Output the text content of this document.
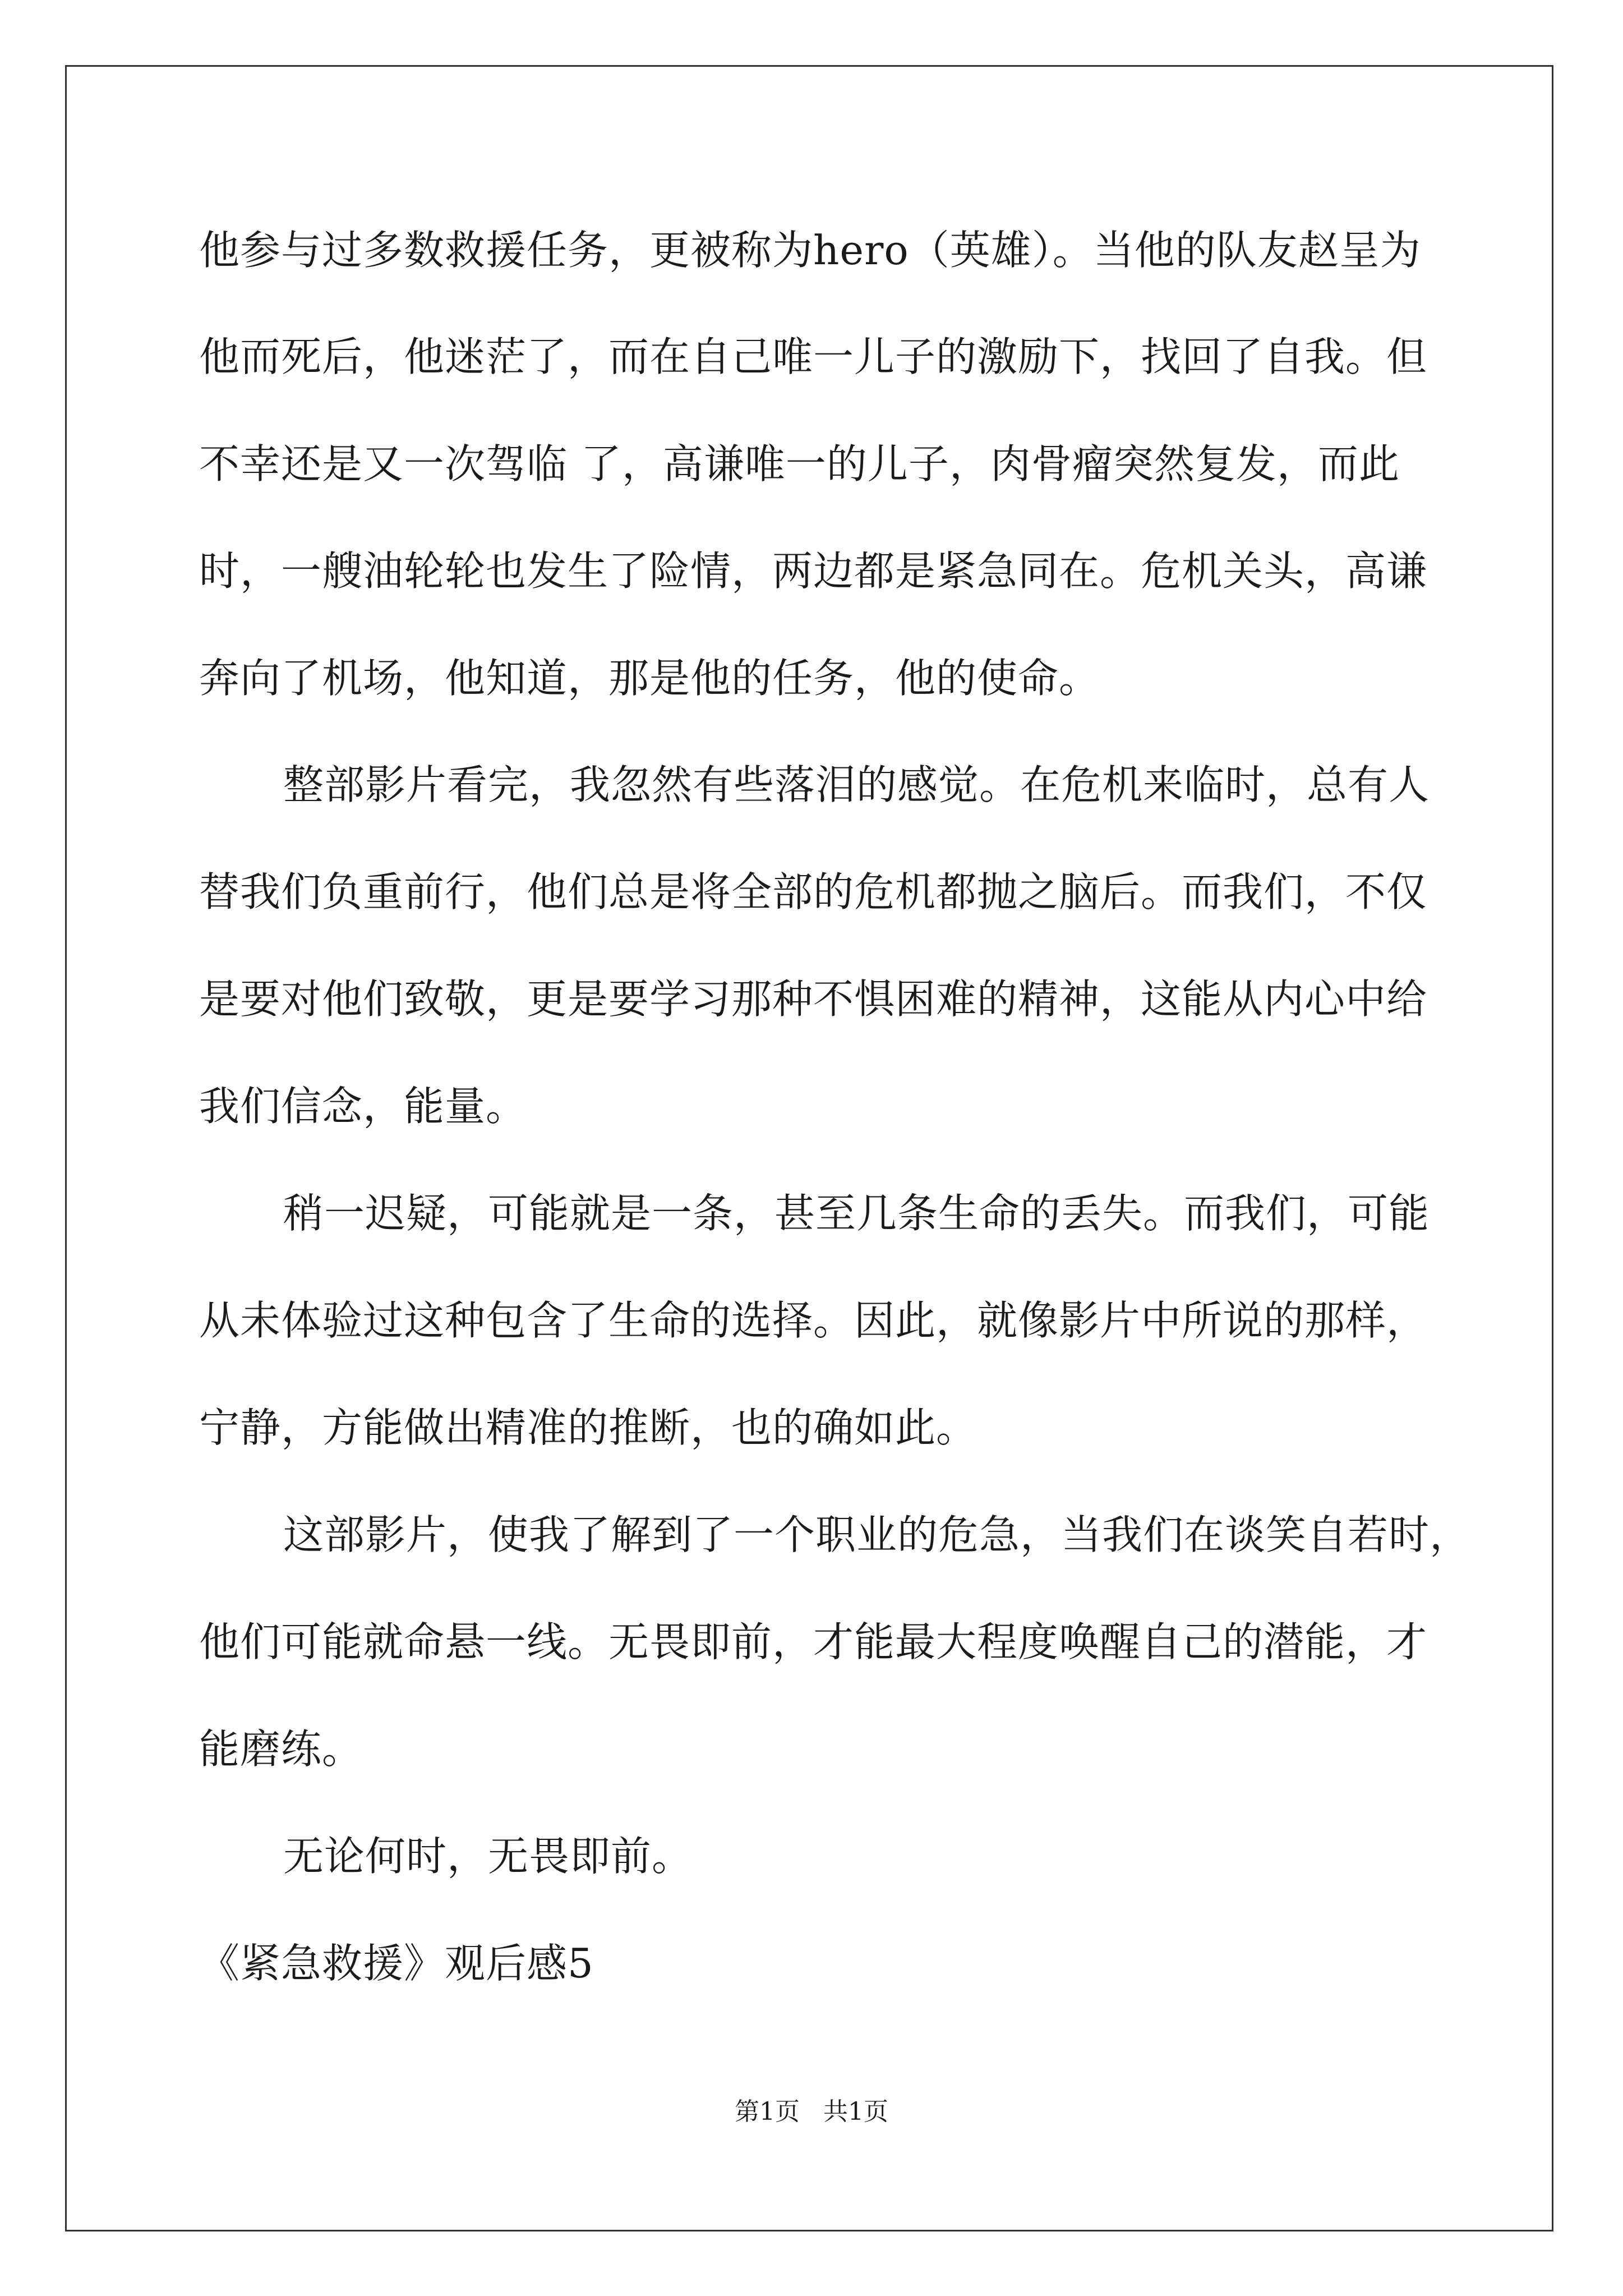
他参与过多数救援任务，更被称为hero（英雄）。当他的队友赵呈为
他而死后，他迷茫了，而在自己唯一儿子的激励下，找回了自我。但
不幸还是又一次驾临 了，高谦唯一的儿子，肉骨瘤突然复发，而此
时，一艘油轮轮也发生了险情，两边都是紧急同在。危机关头，高谦
奔向了机场，他知道，那是他的任务，他的使命。
整部影片看完，我忽然有些落泪的感觉。在危机来临时，总有人
替我们负重前行，他们总是将全部的危机都抛之脑后。而我们，不仅
是要对他们致敬，更是要学习那种不惧困难的精神，这能从内心中给
我们信念，能量。
稍一迟疑，可能就是一条，甚至几条生命的丢失。而我们，可能
从未体验过这种包含了生命的选择。因此，就像影片中所说的那样，
宁静，方能做出精准的推断，也的确如此。
这部影片，使我了解到了一个职业的危急，当我们在谈笑自若时，
他们可能就命悬一线。无畏即前，才能最大程度唤醒自己的潜能，才
能磨练。
无论何时，无畏即前。
《紧急救援》观后感5
第1页   共1页
